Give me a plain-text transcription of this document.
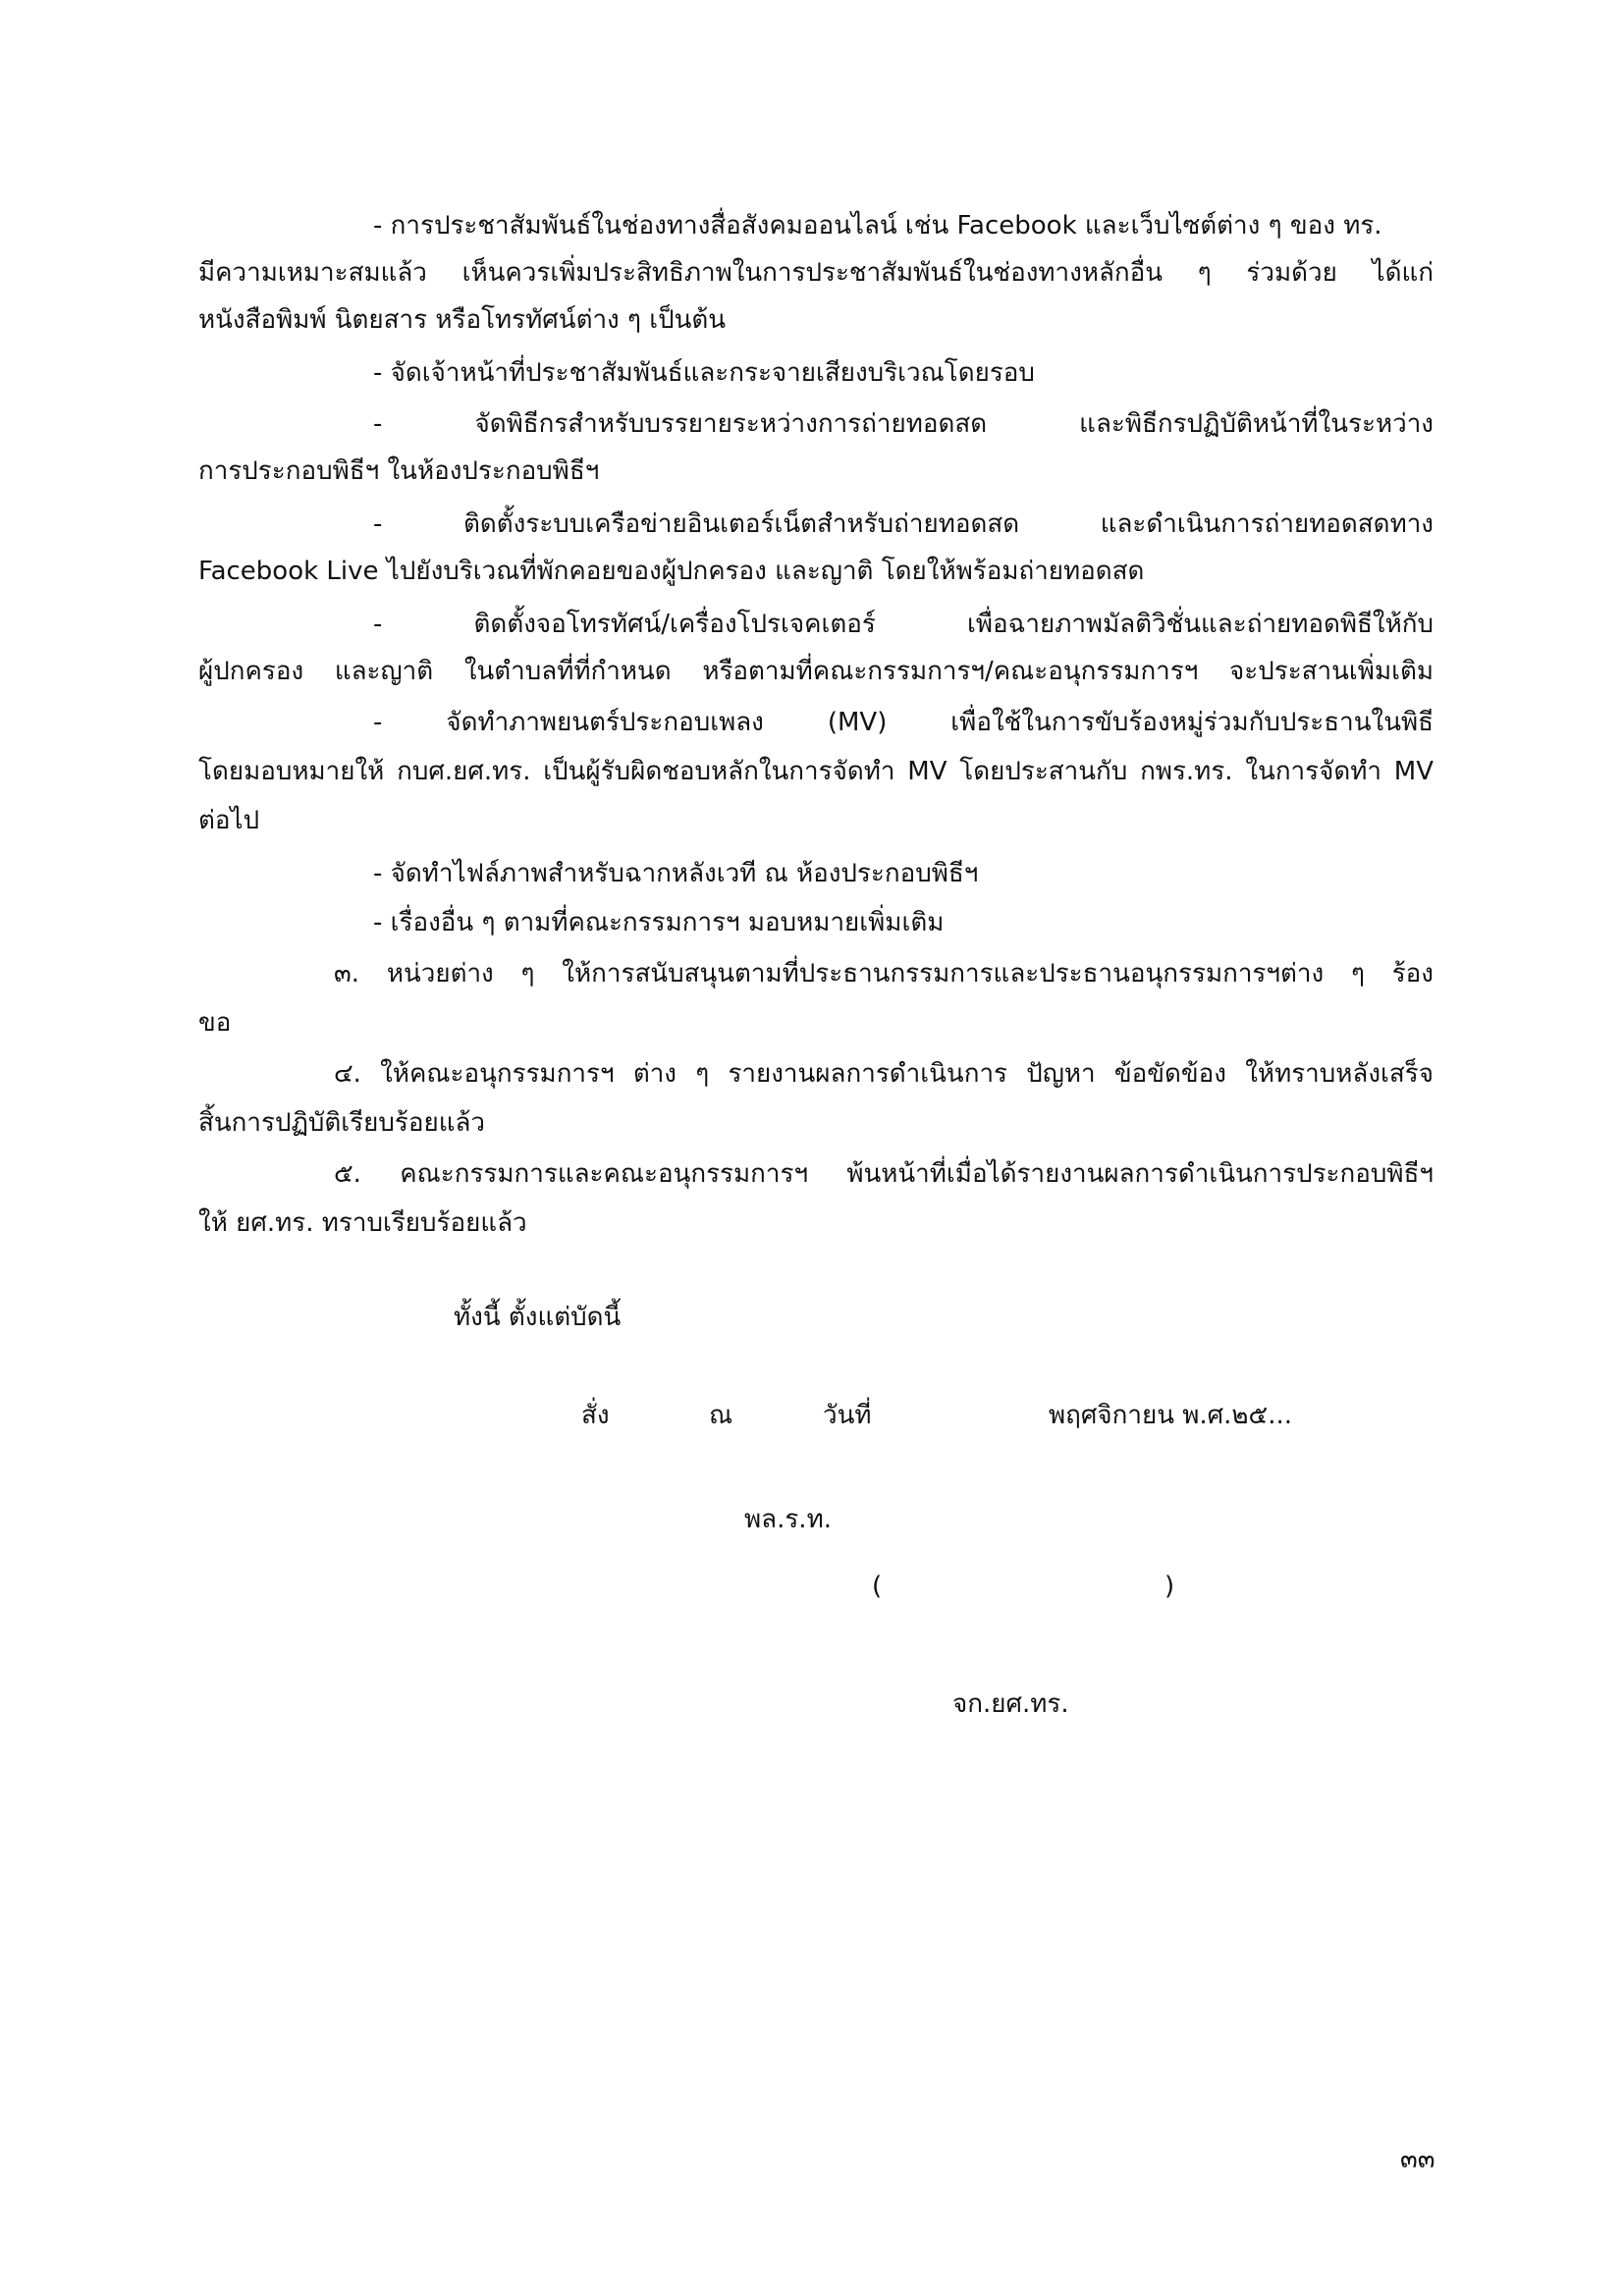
- การประชาสัมพันธ์ในช่องทางสื่อสังคมออนไลน์ เช่น Facebook และเว็บไซต์ต่าง ๆ ของ ทร.
มีความเหมาะสมแล้ว เห็นควรเพิ่มประสิทธิภาพในการประชาสัมพันธ์ในช่องทางหลักอื่น ๆ ร่วมด้วย ได้แก่
หนังสือพิมพ์ นิตยสาร หรือโทรทัศน์ต่าง ๆ เป็นต้น
- จัดเจ้าหน้าที่ประชาสัมพันธ์และกระจายเสียงบริเวณโดยรอบ
- จัดพิธีกรสำหรับบรรยายระหว่างการถ่ายทอดสด และพิธีกรปฏิบัติหน้าที่ในระหว่าง
การประกอบพิธีฯ ในห้องประกอบพิธีฯ
- ติดตั้งระบบเครือข่ายอินเตอร์เน็ตสำหรับถ่ายทอดสด และดำเนินการถ่ายทอดสดทาง
Facebook Live ไปยังบริเวณที่พักคอยของผู้ปกครอง และญาติ โดยให้พร้อมถ่ายทอดสด
- ติดตั้งจอโทรทัศน์/เครื่องโปรเจคเตอร์ เพื่อฉายภาพมัลติวิชั่นและถ่ายทอดพิธีให้กับ
ผู้ปกครอง และญาติ ในตำบลที่ที่กำหนด หรือตามที่คณะกรรมการฯ/คณะอนุกรรมการฯ จะประสานเพิ่มเติม
- จัดทำภาพยนตร์ประกอบเพลง (MV) เพื่อใช้ในการขับร้องหมู่ร่วมกับประธานในพิธี
โดยมอบหมายให้ กบศ.ยศ.ทร. เป็นผู้รับผิดชอบหลักในการจัดทำ MV โดยประสานกับ กพร.ทร. ในการจัดทำ MV
ต่อไป
- จัดทำไฟล์ภาพสำหรับฉากหลังเวที ณ ห้องประกอบพิธีฯ
- เรื่องอื่น ๆ ตามที่คณะกรรมการฯ มอบหมายเพิ่มเติม
๓. หน่วยต่าง ๆ ให้การสนับสนุนตามที่ประธานกรรมการและประธานอนุกรรมการฯต่าง ๆ ร้อง
ขอ
๔. ให้คณะอนุกรรมการฯ ต่าง ๆ รายงานผลการดำเนินการ ปัญหา ข้อขัดข้อง ให้ทราบหลังเสร็จ
สิ้นการปฏิบัติเรียบร้อยแล้ว
๕. คณะกรรมการและคณะอนุกรรมการฯ พ้นหน้าที่เมื่อได้รายงานผลการดำเนินการประกอบพิธีฯ
ให้ ยศ.ทร. ทราบเรียบร้อยแล้ว
ทั้งนี้ ตั้งแต่บัดนี้
สั่ง	ณ	วันที่	พฤศจิกายน พ.ศ.๒๕...
พล.ร.ท.
(	)
จก.ยศ.ทร.
๓๓
